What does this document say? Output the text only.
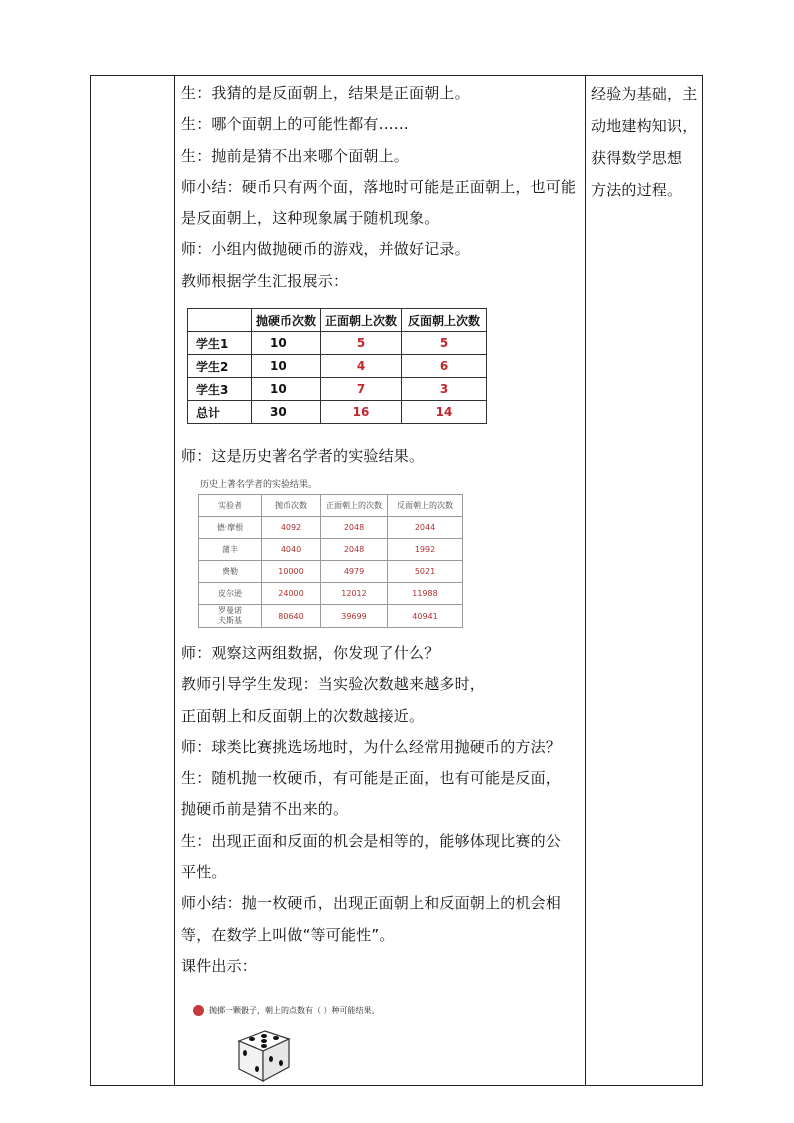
生：我猜的是反面朝上，结果是正面朝上。
生：哪个面朝上的可能性都有……
生：抛前是猜不出来哪个面朝上。
师小结：硬币只有两个面，落地时可能是正面朝上，也可能
是反面朝上，这种现象属于随机现象。
师：小组内做抛硬币的游戏，并做好记录。
教师根据学生汇报展示：
经验为基础，主
动地建构知识，
获得数学思想
方法的过程。
	抛硬币次数	正面朝上次数	反面朝上次数
学生1	10	5	5
学生2	10	4	6
学生3	10	7	3
总计	30	16	14
师：这是历史著名学者的实验结果。
历史上著名学者的实验结果。
实验者	抛币次数	正面朝上的次数	反面朝上的次数
德·摩根	4092	2048	2044
蒲丰	4040	2048	1992
费勒	10000	4979	5021
皮尔逊	24000	12012	11988
罗曼诺
夫斯基	80640	39699	40941
师：观察这两组数据，你发现了什么？
教师引导学生发现：当实验次数越来越多时，
正面朝上和反面朝上的次数越接近。
师：球类比赛挑选场地时，为什么经常用抛硬币的方法？
生：随机抛一枚硬币，有可能是正面，也有可能是反面，
抛硬币前是猜不出来的。
生：出现正面和反面的机会是相等的，能够体现比赛的公
平性。
师小结：抛一枚硬币，出现正面朝上和反面朝上的机会相
等，在数学上叫做“等可能性”。
课件出示：
抛掷一颗骰子，朝上的点数有（ ）种可能结果。
